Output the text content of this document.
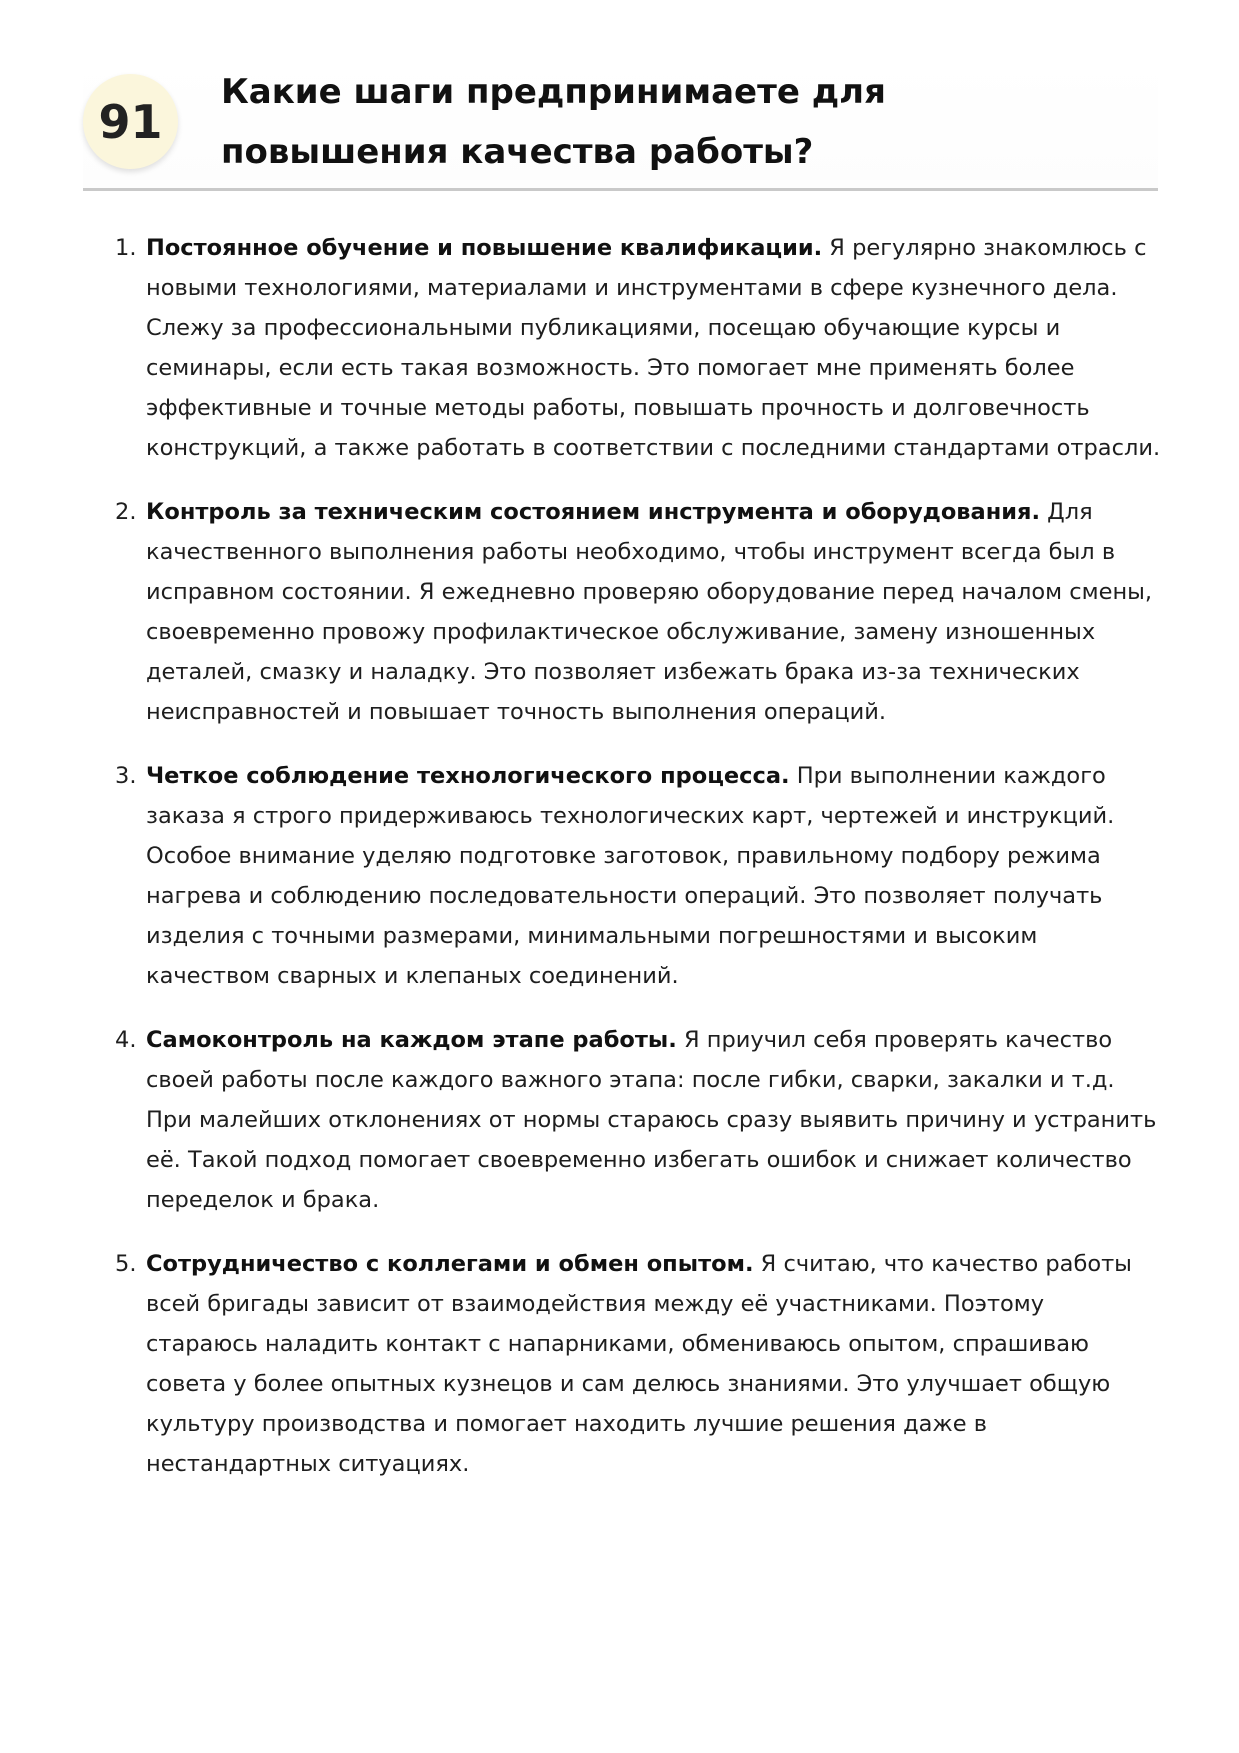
91
Какие шаги предпринимаете для повышения качества работы?
1. Постоянное обучение и повышение квалификации. Я регулярно знакомлюсь с новыми технологиями, материалами и инструментами в сфере кузнечного дела. Слежу за профессиональными публикациями, посещаю обучающие курсы и семинары, если есть такая возможность. Это помогает мне применять более эффективные и точные методы работы, повышать прочность и долговечность конструкций, а также работать в соответствии с последними стандартами отрасли.
2. Контроль за техническим состоянием инструмента и оборудования. Для качественного выполнения работы необходимо, чтобы инструмент всегда был в исправном состоянии. Я ежедневно проверяю оборудование перед началом смены, своевременно провожу профилактическое обслуживание, замену изношенных деталей, смазку и наладку. Это позволяет избежать брака из-за технических неисправностей и повышает точность выполнения операций.
3. Четкое соблюдение технологического процесса. При выполнении каждого заказа я строго придерживаюсь технологических карт, чертежей и инструкций. Особое внимание уделяю подготовке заготовок, правильному подбору режима нагрева и соблюдению последовательности операций. Это позволяет получать изделия с точными размерами, минимальными погрешностями и высоким качеством сварных и клепаных соединений.
4. Самоконтроль на каждом этапе работы. Я приучил себя проверять качество своей работы после каждого важного этапа: после гибки, сварки, закалки и т.д. При малейших отклонениях от нормы стараюсь сразу выявить причину и устранить её. Такой подход помогает своевременно избегать ошибок и снижает количество переделок и брака.
5. Сотрудничество с коллегами и обмен опытом. Я считаю, что качество работы всей бригады зависит от взаимодействия между её участниками. Поэтому стараюсь наладить контакт с напарниками, обмениваюсь опытом, спрашиваю совета у более опытных кузнецов и сам делюсь знаниями. Это улучшает общую культуру производства и помогает находить лучшие решения даже в нестандартных ситуациях.
